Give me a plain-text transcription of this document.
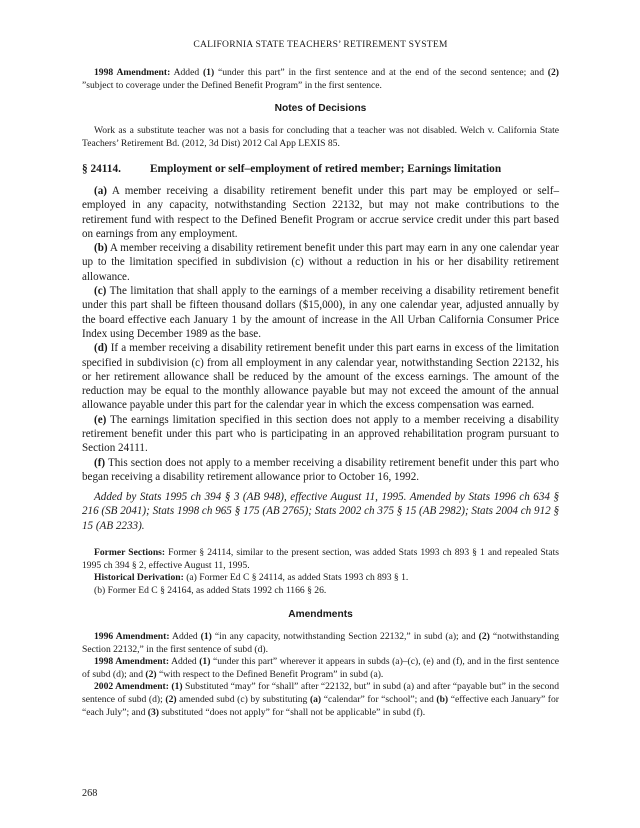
CALIFORNIA STATE TEACHERS’ RETIREMENT SYSTEM

1998 Amendment: Added (1) “under this part” in the first sentence and at the end of the second sentence; and (2) ”subject to coverage under the Defined Benefit Program” in the first sentence.

Notes of Decisions

Work as a substitute teacher was not a basis for concluding that a teacher was not disabled. Welch v. California State Teachers’ Retirement Bd. (2012, 3d Dist) 2012 Cal App LEXIS 85.

§ 24114.	Employment or self–employment of retired member; Earnings limitation

(a) A member receiving a disability retirement benefit under this part may be employed or self–employed in any capacity, notwithstanding Section 22132, but may not make contributions to the retirement fund with respect to the Defined Benefit Program or accrue service credit under this part based on earnings from any employment.

(b) A member receiving a disability retirement benefit under this part may earn in any one calendar year up to the limitation specified in subdivision (c) without a reduction in his or her disability retirement allowance.

(c) The limitation that shall apply to the earnings of a member receiving a disability retirement benefit under this part shall be fifteen thousand dollars ($15,000), in any one calendar year, adjusted annually by the board effective each January 1 by the amount of increase in the All Urban California Consumer Price Index using December 1989 as the base.

(d) If a member receiving a disability retirement benefit under this part earns in excess of the limitation specified in subdivision (c) from all employment in any calendar year, notwithstanding Section 22132, his or her retirement allowance shall be reduced by the amount of the excess earnings. The amount of the reduction may be equal to the monthly allowance payable but may not exceed the amount of the annual allowance payable under this part for the calendar year in which the excess compensation was earned.

(e) The earnings limitation specified in this section does not apply to a member receiving a disability retirement benefit under this part who is participating in an approved rehabilitation program pursuant to Section 24111.

(f) This section does not apply to a member receiving a disability retirement benefit under this part who began receiving a disability retirement allowance prior to October 16, 1992.

Added by Stats 1995 ch 394 § 3 (AB 948), effective August 11, 1995. Amended by Stats 1996 ch 634 § 216 (SB 2041); Stats 1998 ch 965 § 175 (AB 2765); Stats 2002 ch 375 § 15 (AB 2982); Stats 2004 ch 912 § 15 (AB 2233).

Former Sections: Former § 24114, similar to the present section, was added Stats 1993 ch 893 § 1 and repealed Stats 1995 ch 394 § 2, effective August 11, 1995.

Historical Derivation: (a) Former Ed C § 24114, as added Stats 1993 ch 893 § 1.

(b) Former Ed C § 24164, as added Stats 1992 ch 1166 § 26.

Amendments

1996 Amendment: Added (1) “in any capacity, notwithstanding Section 22132,” in subd (a); and (2) “notwithstanding Section 22132,” in the first sentence of subd (d).

1998 Amendment: Added (1) “under this part” wherever it appears in subds (a)–(c), (e) and (f), and in the first sentence of subd (d); and (2) “with respect to the Defined Benefit Program” in subd (a).

2002 Amendment: (1) Substituted “may” for “shall” after “22132, but” in subd (a) and after “payable but” in the second sentence of subd (d); (2) amended subd (c) by substituting (a) “calendar” for “school”; and (b) “effective each January” for “each July”; and (3) substituted “does not apply” for “shall not be applicable” in subd (f).

268
